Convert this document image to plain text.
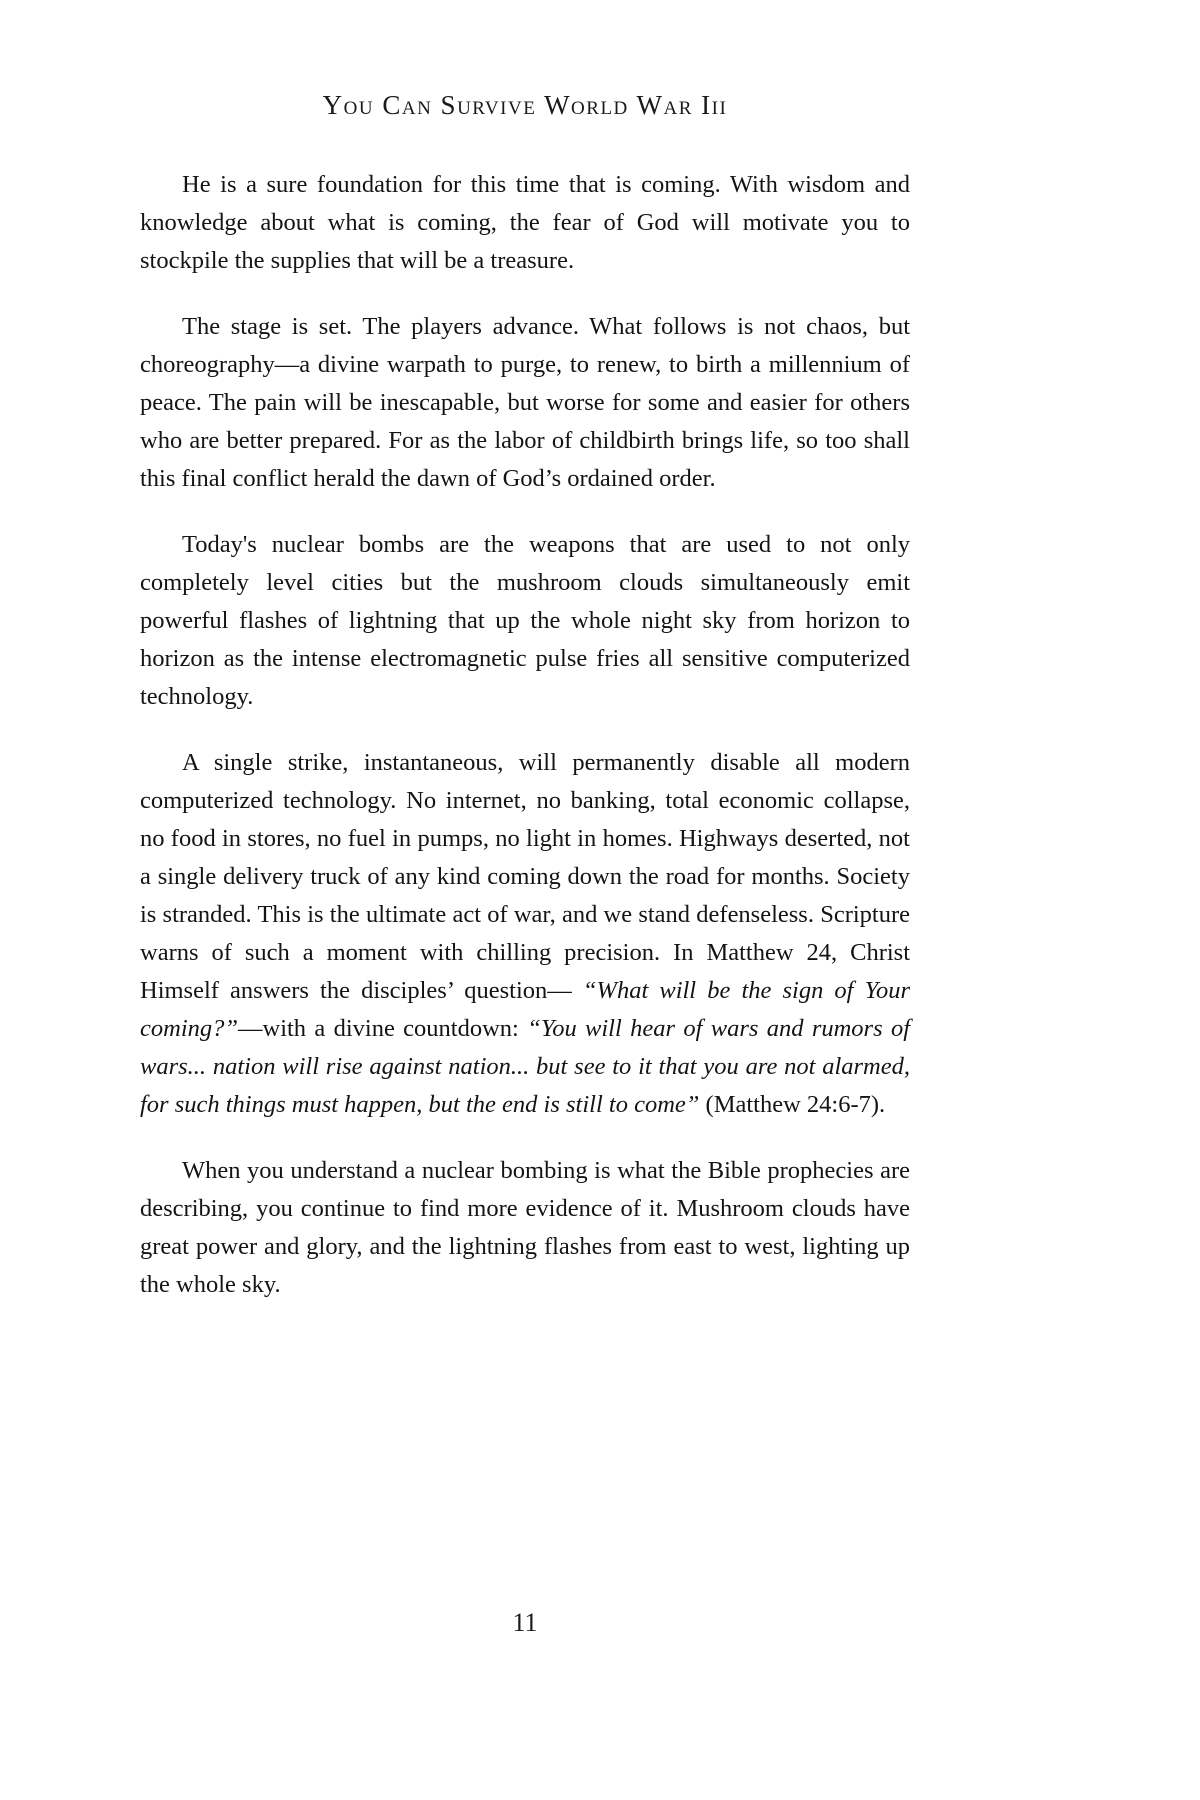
You Can Survive World War Iii

He is a sure foundation for this time that is coming. With wisdom and knowledge about what is coming, the fear of God will motivate you to stockpile the supplies that will be a treasure.

The stage is set. The players advance. What follows is not chaos, but choreography—a divine warpath to purge, to renew, to birth a millennium of peace. The pain will be inescapable, but worse for some and easier for others who are better prepared. For as the labor of childbirth brings life, so too shall this final conflict herald the dawn of God’s ordained order.

Today's nuclear bombs are the weapons that are used to not only completely level cities but the mushroom clouds simultaneously emit powerful flashes of lightning that up the whole night sky from horizon to horizon as the intense electromagnetic pulse fries all sensitive computerized technology.

A single strike, instantaneous, will permanently disable all modern computerized technology. No internet, no banking, total economic collapse, no food in stores, no fuel in pumps, no light in homes. Highways deserted, not a single delivery truck of any kind coming down the road for months. Society is stranded. This is the ultimate act of war, and we stand defenseless. Scripture warns of such a moment with chilling precision. In Matthew 24, Christ Himself answers the disciples’ question— “What will be the sign of Your coming?”—with a divine countdown: “You will hear of wars and rumors of wars... nation will rise against nation... but see to it that you are not alarmed, for such things must happen, but the end is still to come” (Matthew 24:6-7).

When you understand a nuclear bombing is what the Bible prophecies are describing, you continue to find more evidence of it. Mushroom clouds have great power and glory, and the lightning flashes from east to west, lighting up the whole sky.

11
